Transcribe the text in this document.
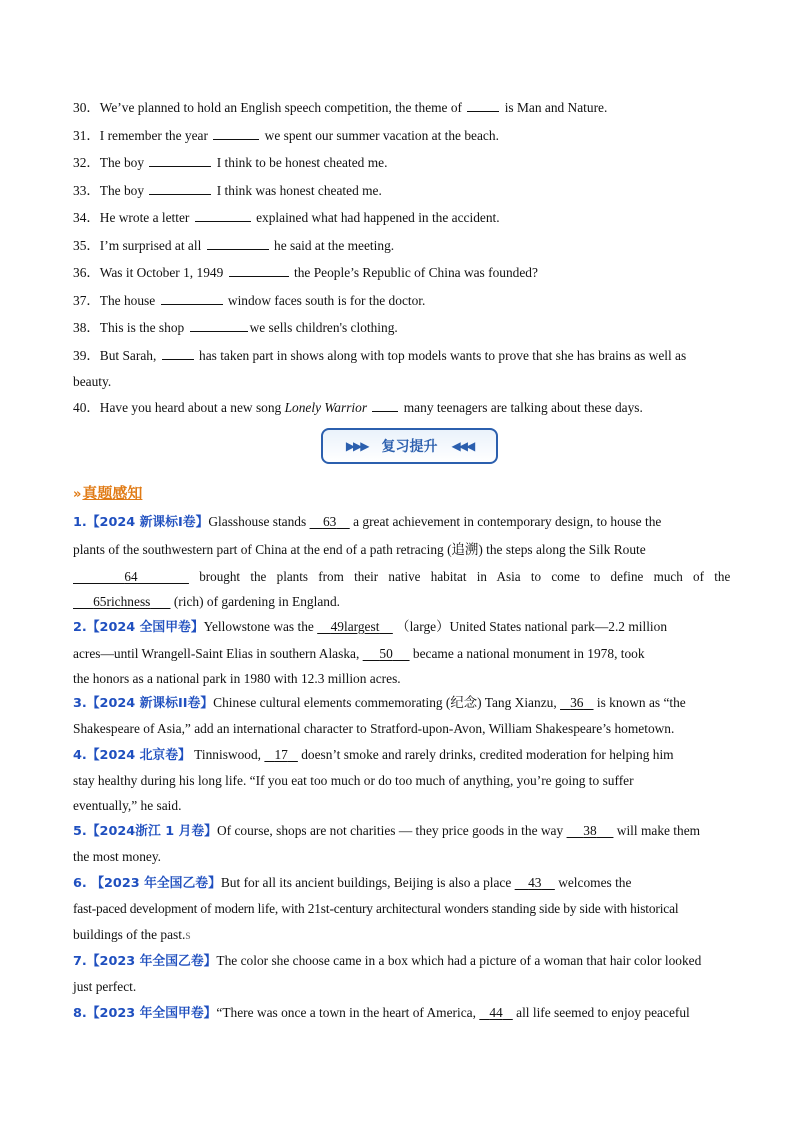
30．We’ve planned to hold an English speech competition, the theme of	is Man and Nature.
31．I remember the year	we spent our summer vacation at the beach.
32．The boy	I think to be honest cheated me.
33．The boy	I think was honest cheated me.
34．He wrote a letter	explained what had happened in the accident.
35．I’m surprised at all	he said at the meeting.
36．Was it October 1, 1949	the People’s Republic of China was founded?
37．The house	window faces south is for the doctor.
38．This is the shop	we sells children's clothing.
39．But Sarah,	has taken part in shows along with top models wants to prove that she has brains as well as
beauty.
40．Have you heard about a new song Lonely Warrior  many teenagers are talking about these days.
▶▶▶ 复习提升 ◀◀◀
» 真题感知
1.【2024 新课标I卷】Glasshouse stands     63     a great achievement in contemporary design, to house the
plants of the southwestern part of China at the end of a path retracing (追溯) the steps along the Silk Route
64	brought the plants from their native habitat in Asia to come to define much of the
65richness       (rich) of gardening in England.
2.【2024 全国甲卷】Yellowstone was the     49largest     （large）United States national park—2.2 million
acres—until Wrangell-Saint Elias in southern Alaska,      50      became a national monument in 1978, took
the honors as a national park in 1980 with 12.3 million acres.
3.【2024 新课标II卷】Chinese cultural elements commemorating (纪念) Tang Xianzu,    36    is known as “the
Shakespeare of Asia,” add an international character to Stratford-upon-Avon, William Shakespeare’s hometown.
4.【2024 北京卷】 Tinniswood,    17    doesn’t smoke and rarely drinks, credited moderation for helping him
stay healthy during his long life. “If you eat too much or do too much of anything, you’re going to suffer
eventually,” he said.
5.【2024浙江 1 月卷】Of course, shops are not charities — they price goods in the way      38      will make them
the most money.
6. 【2023 年全国乙卷】But for all its ancient buildings, Beijing is also a place     43     welcomes the
fast-paced development of modern life, with 21st-century architectural wonders standing side by side with historical
buildings of the past.s
7.【2023 年全国乙卷】The color she choose came in a box which had a picture of a woman that hair color looked
just perfect.
8.【2023 年全国甲卷】“There was once a town in the heart of America,    44    all life seemed to enjoy peaceful
